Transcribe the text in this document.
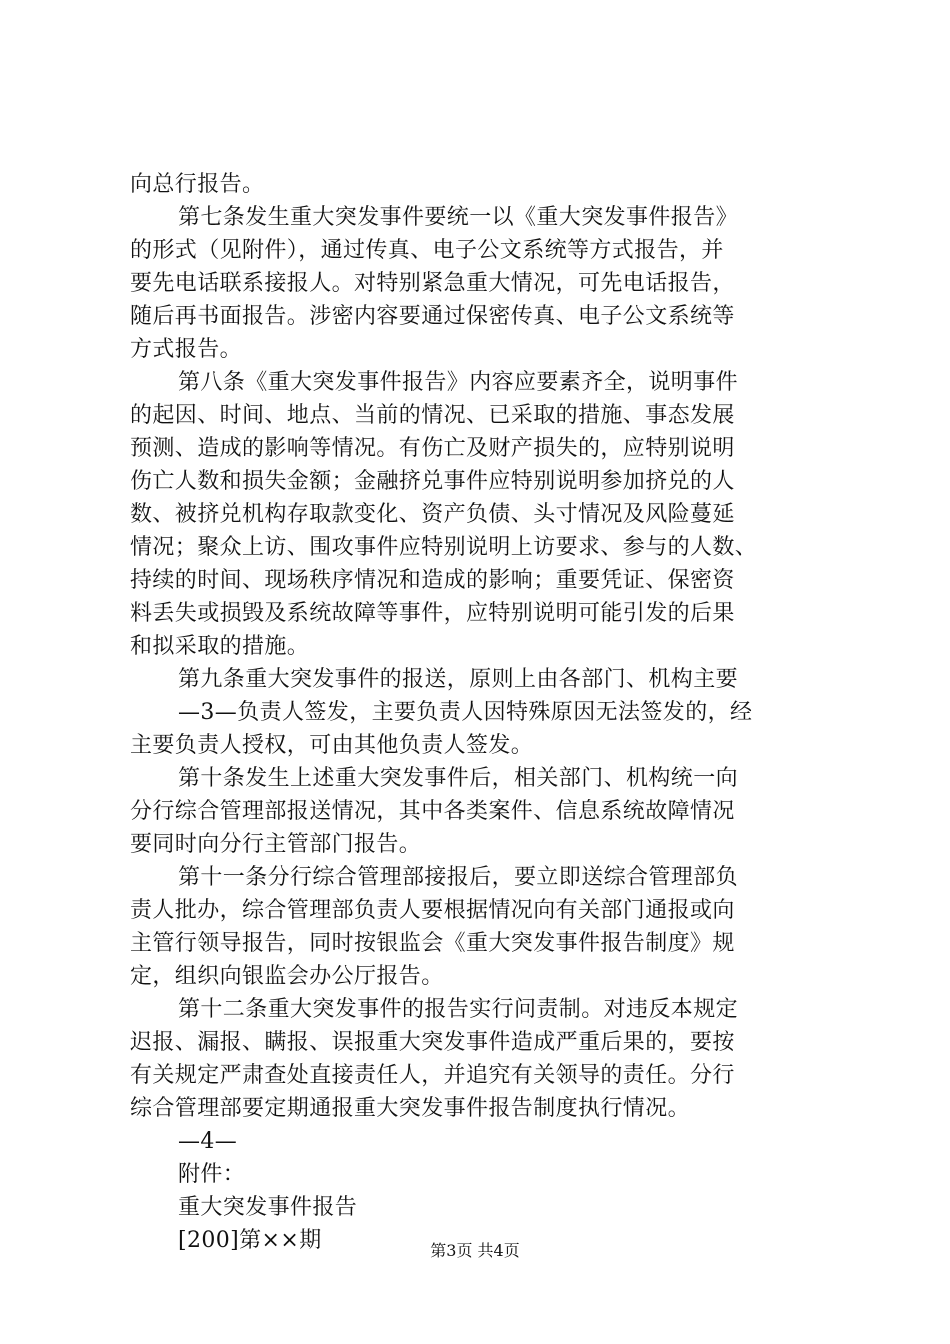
向总行报告。
第七条发生重大突发事件要统一以《重大突发事件报告》
的形式（见附件），通过传真、电子公文系统等方式报告，并
要先电话联系接报人。对特别紧急重大情况，可先电话报告，
随后再书面报告。涉密内容要通过保密传真、电子公文系统等
方式报告。
第八条《重大突发事件报告》内容应要素齐全，说明事件
的起因、时间、地点、当前的情况、已采取的措施、事态发展
预测、造成的影响等情况。有伤亡及财产损失的，应特别说明
伤亡人数和损失金额；金融挤兑事件应特别说明参加挤兑的人
数、被挤兑机构存取款变化、资产负债、头寸情况及风险蔓延
情况；聚众上访、围攻事件应特别说明上访要求、参与的人数、
持续的时间、现场秩序情况和造成的影响；重要凭证、保密资
料丢失或损毁及系统故障等事件，应特别说明可能引发的后果
和拟采取的措施。
第九条重大突发事件的报送，原则上由各部门、机构主要
—3—负责人签发，主要负责人因特殊原因无法签发的，经
主要负责人授权，可由其他负责人签发。
第十条发生上述重大突发事件后，相关部门、机构统一向
分行综合管理部报送情况，其中各类案件、信息系统故障情况
要同时向分行主管部门报告。
第十一条分行综合管理部接报后，要立即送综合管理部负
责人批办，综合管理部负责人要根据情况向有关部门通报或向
主管行领导报告，同时按银监会《重大突发事件报告制度》规
定，组织向银监会办公厅报告。
第十二条重大突发事件的报告实行问责制。对违反本规定
迟报、漏报、瞒报、误报重大突发事件造成严重后果的，要按
有关规定严肃查处直接责任人，并追究有关领导的责任。分行
综合管理部要定期通报重大突发事件报告制度执行情况。
—4—
附件：
重大突发事件报告
[200]第××期	第3页 共4页
